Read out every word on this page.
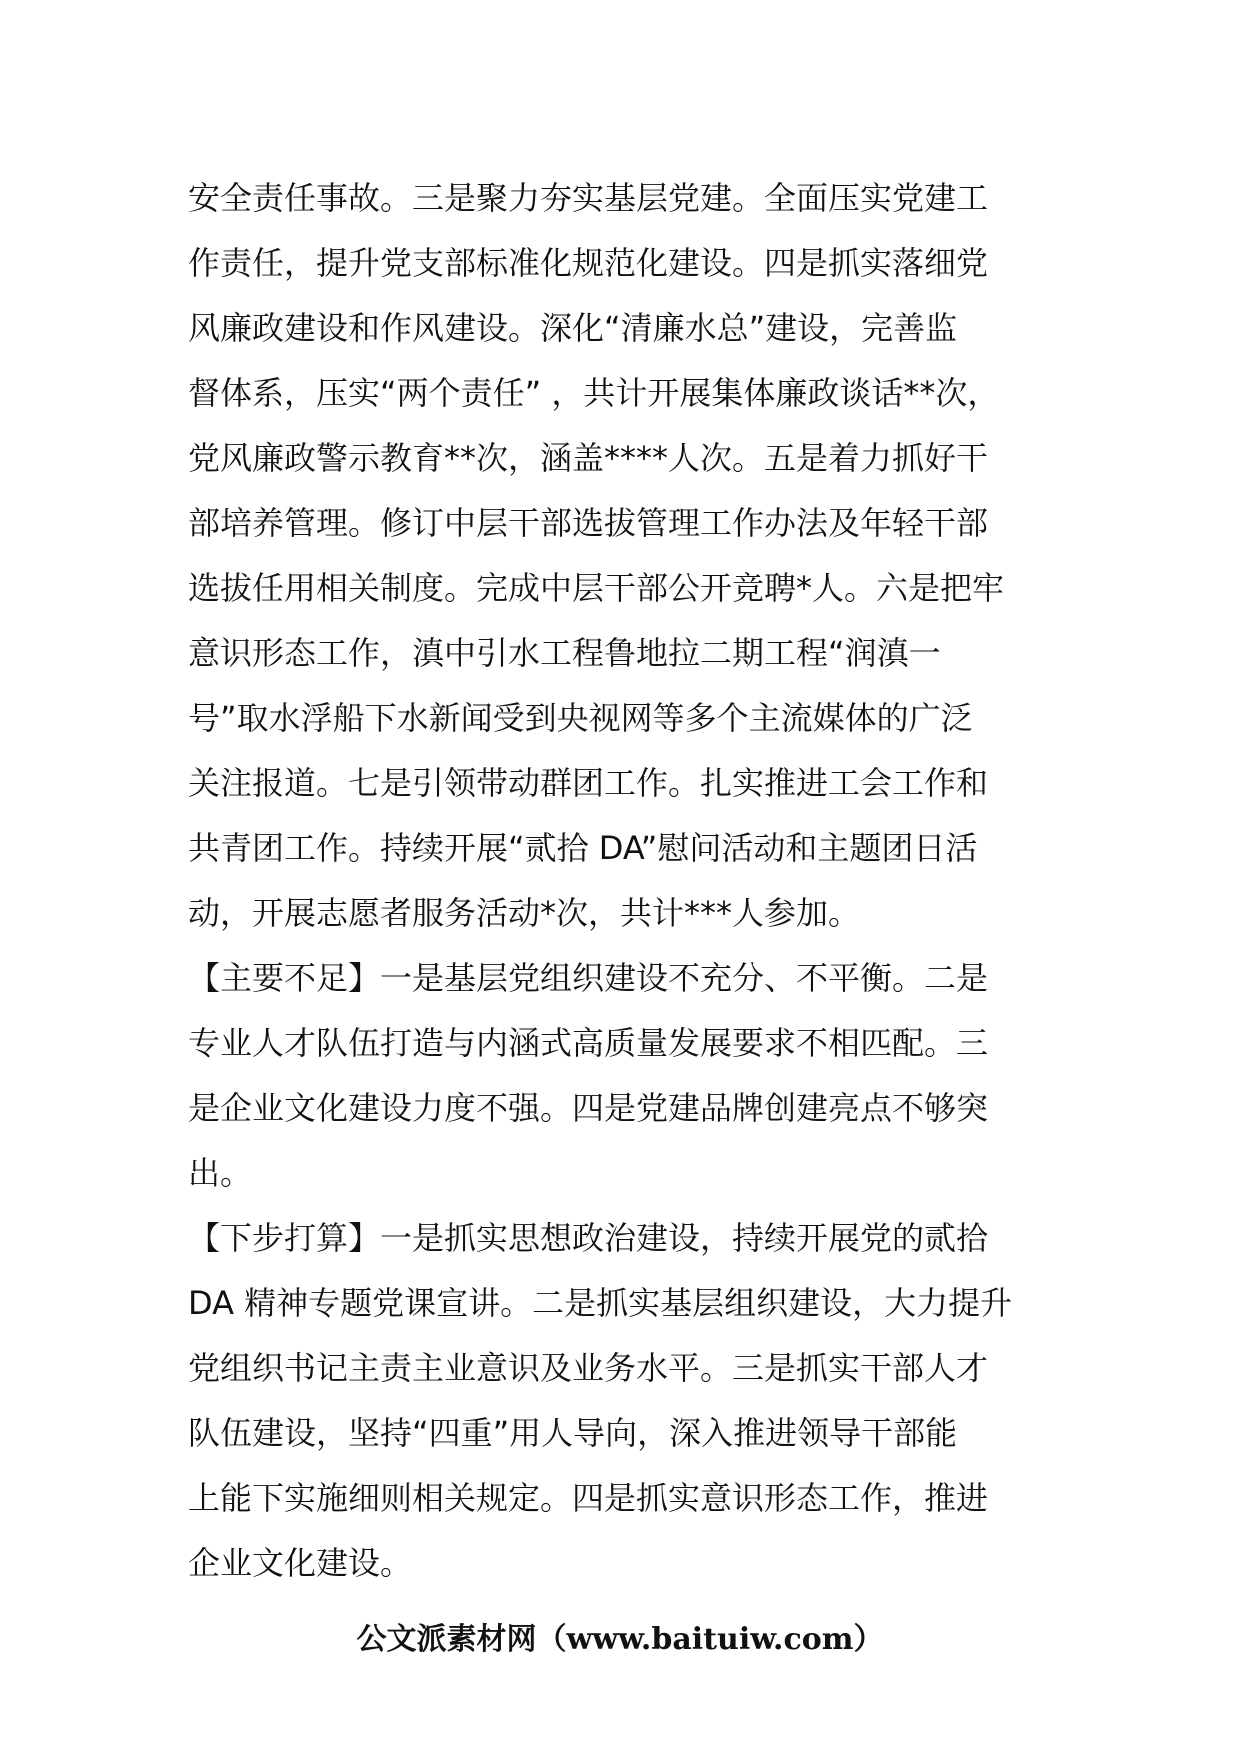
安全责任事故。三是聚力夯实基层党建。全面压实党建工
作责任，提升党支部标准化规范化建设。四是抓实落细党
风廉政建设和作风建设。深化“清廉水总”建设，完善监
督体系，压实“两个责任” ，共计开展集体廉政谈话**次，
党风廉政警示教育**次，涵盖****人次。五是着力抓好干
部培养管理。修订中层干部选拔管理工作办法及年轻干部
选拔任用相关制度。完成中层干部公开竞聘*人。六是把牢
意识形态工作，滇中引水工程鲁地拉二期工程“润滇一
号”取水浮船下水新闻受到央视网等多个主流媒体的广泛
关注报道。七是引领带动群团工作。扎实推进工会工作和
共青团工作。持续开展“贰拾 DA”慰问活动和主题团日活
动，开展志愿者服务活动*次，共计***人参加。
【主要不足】一是基层党组织建设不充分、不平衡。二是
专业人才队伍打造与内涵式高质量发展要求不相匹配。三
是企业文化建设力度不强。四是党建品牌创建亮点不够突
出。
【下步打算】一是抓实思想政治建设，持续开展党的贰拾
DA 精神专题党课宣讲。二是抓实基层组织建设，大力提升
党组织书记主责主业意识及业务水平。三是抓实干部人才
队伍建设，坚持“四重”用人导向，深入推进领导干部能
上能下实施细则相关规定。四是抓实意识形态工作，推进
企业文化建设。
公文派素材网（www.baituiw.com）
